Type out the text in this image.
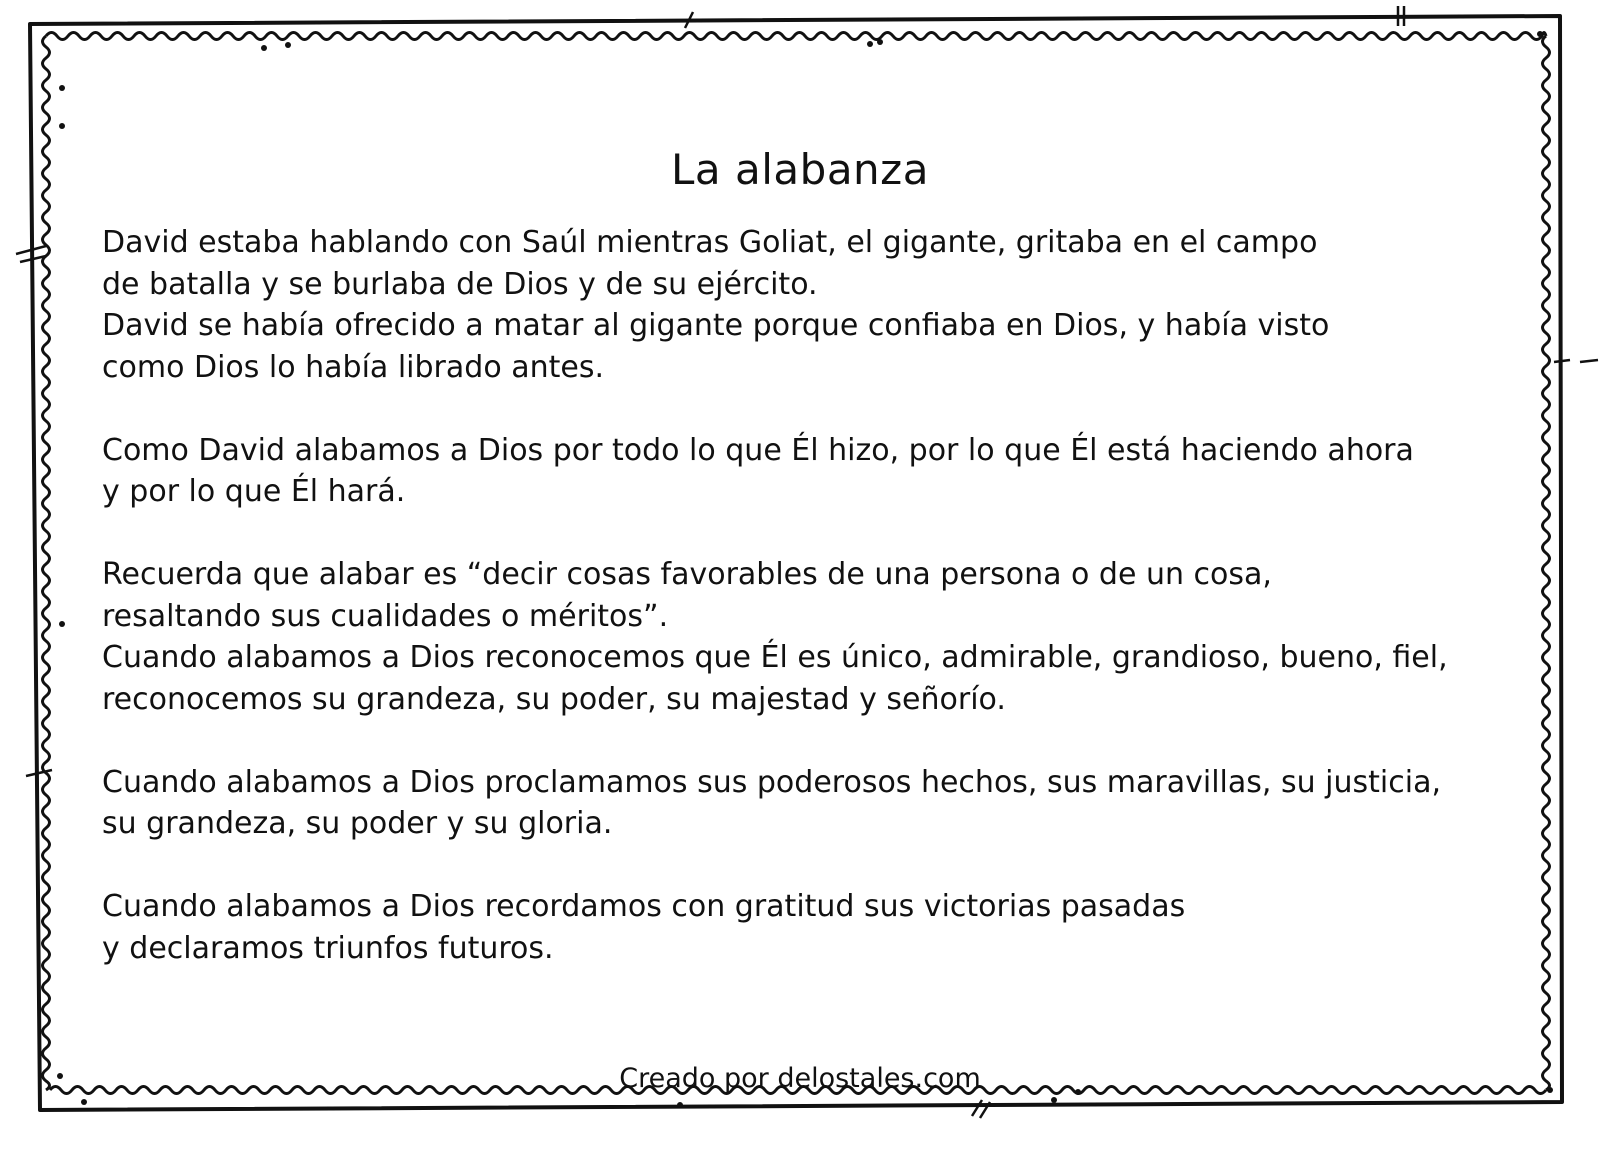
La alabanza
David estaba hablando con Saúl mientras Goliat, el gigante, gritaba en el campo
de batalla y se burlaba de Dios y de su ejército.
David se había ofrecido a matar al gigante porque confiaba en Dios, y había visto
como Dios lo había librado antes.
Como David alabamos a Dios por todo lo que Él hizo, por lo que Él está haciendo ahora
y por lo que Él hará.
Recuerda que alabar es “decir cosas favorables de una persona o de un cosa,
resaltando sus cualidades o méritos”.
Cuando alabamos a Dios reconocemos que Él es único, admirable, grandioso, bueno, fiel,
reconocemos su grandeza, su poder, su majestad y señorío.
Cuando alabamos a Dios proclamamos sus poderosos hechos, sus maravillas, su justicia,
su grandeza, su poder y su gloria.
Cuando alabamos a Dios recordamos con gratitud sus victorias pasadas
y declaramos triunfos futuros.
Creado por delostales.com
